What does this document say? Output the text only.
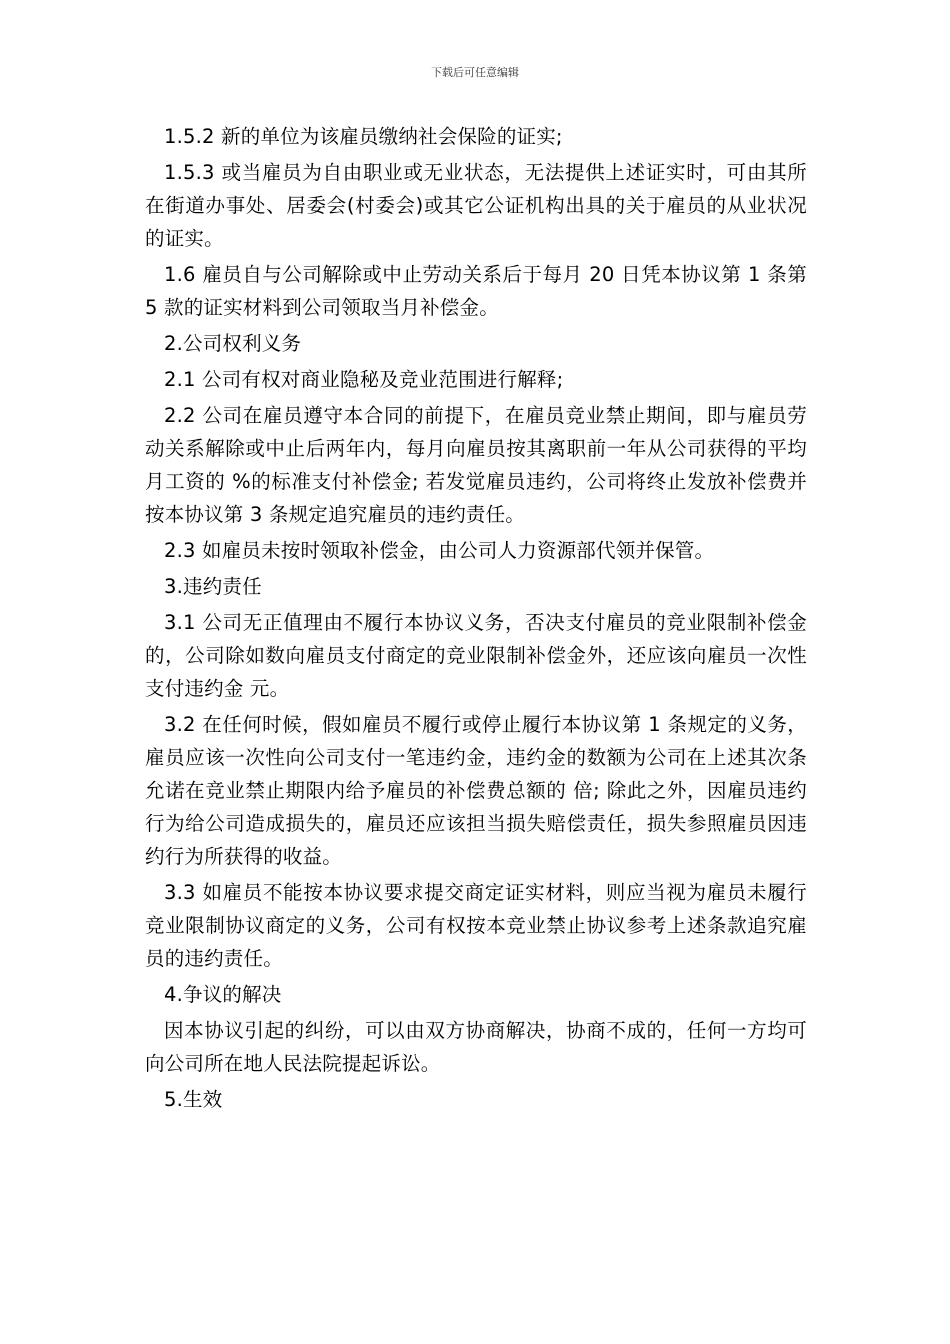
下载后可任意编辑

1.5.2 新的单位为该雇员缴纳社会保险的证实;

1.5.3 或当雇员为自由职业或无业状态，无法提供上述证实时，可由其所在街道办事处、居委会(村委会)或其它公证机构出具的关于雇员的从业状况的证实。

1.6 雇员自与公司解除或中止劳动关系后于每月 20 日凭本协议第 1 条第 5 款的证实材料到公司领取当月补偿金。

2.公司权利义务

2.1 公司有权对商业隐秘及竞业范围进行解释;

2.2 公司在雇员遵守本合同的前提下，在雇员竞业禁止期间，即与雇员劳动关系解除或中止后两年内，每月向雇员按其离职前一年从公司获得的平均月工资的 %的标准支付补偿金; 若发觉雇员违约，公司将终止发放补偿费并按本协议第 3 条规定追究雇员的违约责任。

2.3 如雇员未按时领取补偿金，由公司人力资源部代领并保管。

3.违约责任

3.1 公司无正值理由不履行本协议义务，否决支付雇员的竞业限制补偿金的，公司除如数向雇员支付商定的竞业限制补偿金外，还应该向雇员一次性支付违约金 元。

3.2 在任何时候，假如雇员不履行或停止履行本协议第 1 条规定的义务，雇员应该一次性向公司支付一笔违约金，违约金的数额为公司在上述其次条允诺在竞业禁止期限内给予雇员的补偿费总额的 倍; 除此之外，因雇员违约行为给公司造成损失的，雇员还应该担当损失赔偿责任，损失参照雇员因违约行为所获得的收益。

3.3 如雇员不能按本协议要求提交商定证实材料，则应当视为雇员未履行竞业限制协议商定的义务，公司有权按本竞业禁止协议参考上述条款追究雇员的违约责任。

4.争议的解决

因本协议引起的纠纷，可以由双方协商解决，协商不成的，任何一方均可向公司所在地人民法院提起诉讼。

5.生效
